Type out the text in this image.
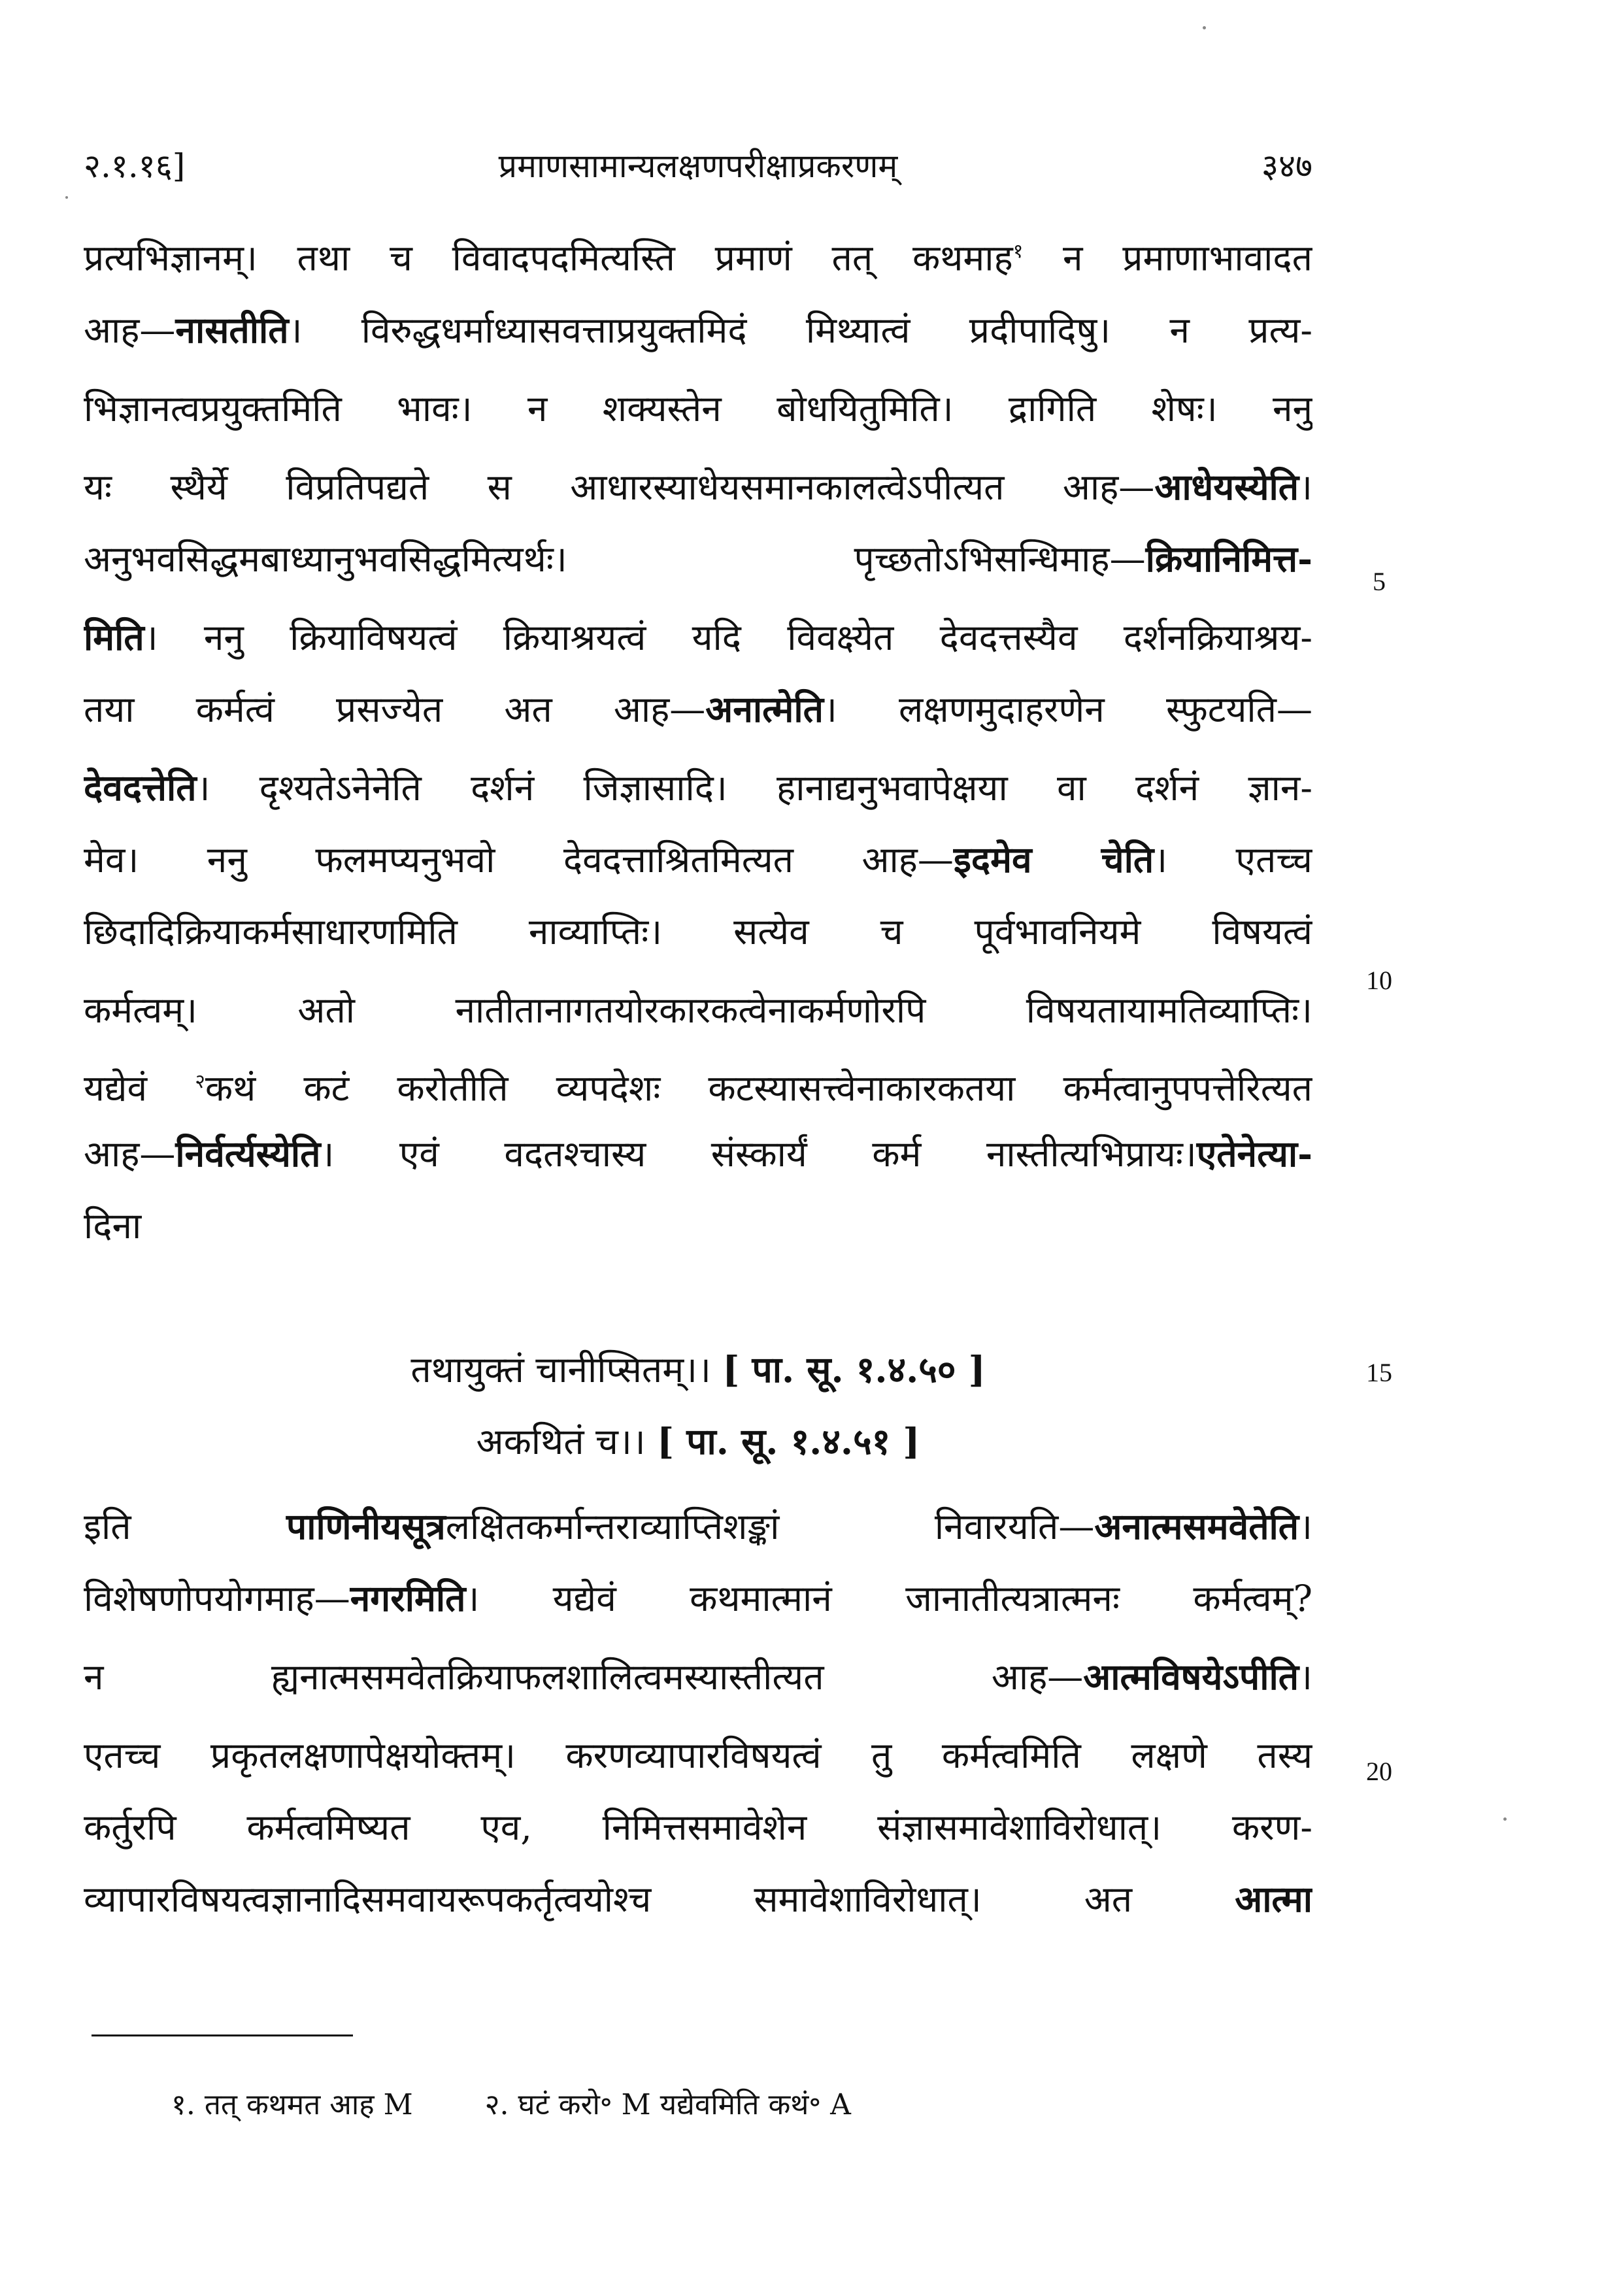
२.१.१६]	प्रमाणसामान्यलक्षणपरीक्षाप्रकरणम्	३४७
प्रत्यभिज्ञानम्। तथा च विवादपदमित्यस्ति प्रमाणं तत् कथमाह$^१$ न प्रमाणाभावादत
आह—नासतीति। विरुद्धधर्माध्यासवत्ताप्रयुक्तमिदं मिथ्यात्वं प्रदीपादिषु। न प्रत्य-
भिज्ञानत्वप्रयुक्तमिति भावः। न शक्यस्तेन बोधयितुमिति। द्रागिति शेषः। ननु
यः स्थैर्ये विप्रतिपद्यते स आधारस्याधेयसमानकालत्वेऽपीत्यत आह—आधेयस्येति।
अनुभवसिद्धमबाध्यानुभवसिद्धमित्यर्थः। पृच्छतोऽभिसन्धिमाह—क्रियानिमित्त-
मिति। ननु क्रियाविषयत्वं क्रियाश्रयत्वं यदि विवक्ष्येत देवदत्तस्यैव दर्शनक्रियाश्रय-
तया कर्मत्वं प्रसज्येत अत आह—अनात्मेति। लक्षणमुदाहरणेन स्फुटयति—
देवदत्तेति। दृश्यतेऽनेनेति दर्शनं जिज्ञासादि। हानाद्यनुभवापेक्षया वा दर्शनं ज्ञान-
मेव। ननु फलमप्यनुभवो देवदत्ताश्रितमित्यत आह—इदमेव चेति। एतच्च
छिदादिक्रियाकर्मसाधारणमिति नाव्याप्तिः। सत्येव च पूर्वभावनियमे विषयत्वं
कर्मत्वम्। अतो नातीतानागतयोरकारकत्वेनाकर्मणोरपि विषयतायामतिव्याप्तिः।
यद्येवं $^२$कथं कटं करोतीति व्यपदेशः कटस्यासत्त्वेनाकारकतया कर्मत्वानुपपत्तेरित्यत
आह—निर्वर्त्यस्येति। एवं वदतश्चास्य संस्कार्यं कर्म नास्तीत्यभिप्रायः।एतेनेत्या-
दिना
तथायुक्तं चानीप्सितम्।। [ पा. सू. १.४.५० ]
अकथितं च।। [ पा. सू. १.४.५१ ]
इति पाणिनीयसूत्रलक्षितकर्मान्तराव्याप्तिशङ्कां निवारयति—अनात्मसमवेतेति।
विशेषणोपयोगमाह—नगरमिति। यद्येवं कथमात्मानं जानातीत्यत्रात्मनः कर्मत्वम्?
न ह्यनात्मसमवेतक्रियाफलशालित्वमस्यास्तीत्यत आह—आत्मविषयेऽपीति।
एतच्च प्रकृतलक्षणापेक्षयोक्तम्। करणव्यापारविषयत्वं तु कर्मत्वमिति लक्षणे तस्य
कर्तुरपि कर्मत्वमिष्यत एव, निमित्तसमावेशेन संज्ञासमावेशाविरोधात्। करण-
व्यापारविषयत्वज्ञानादिसमवायरूपकर्तृत्वयोश्च समावेशाविरोधात्। अत आत्मा
5
10
15
20
१. तत् कथमत आह M	२. घटं करो॰ M यद्येवमिति कथं॰ A
